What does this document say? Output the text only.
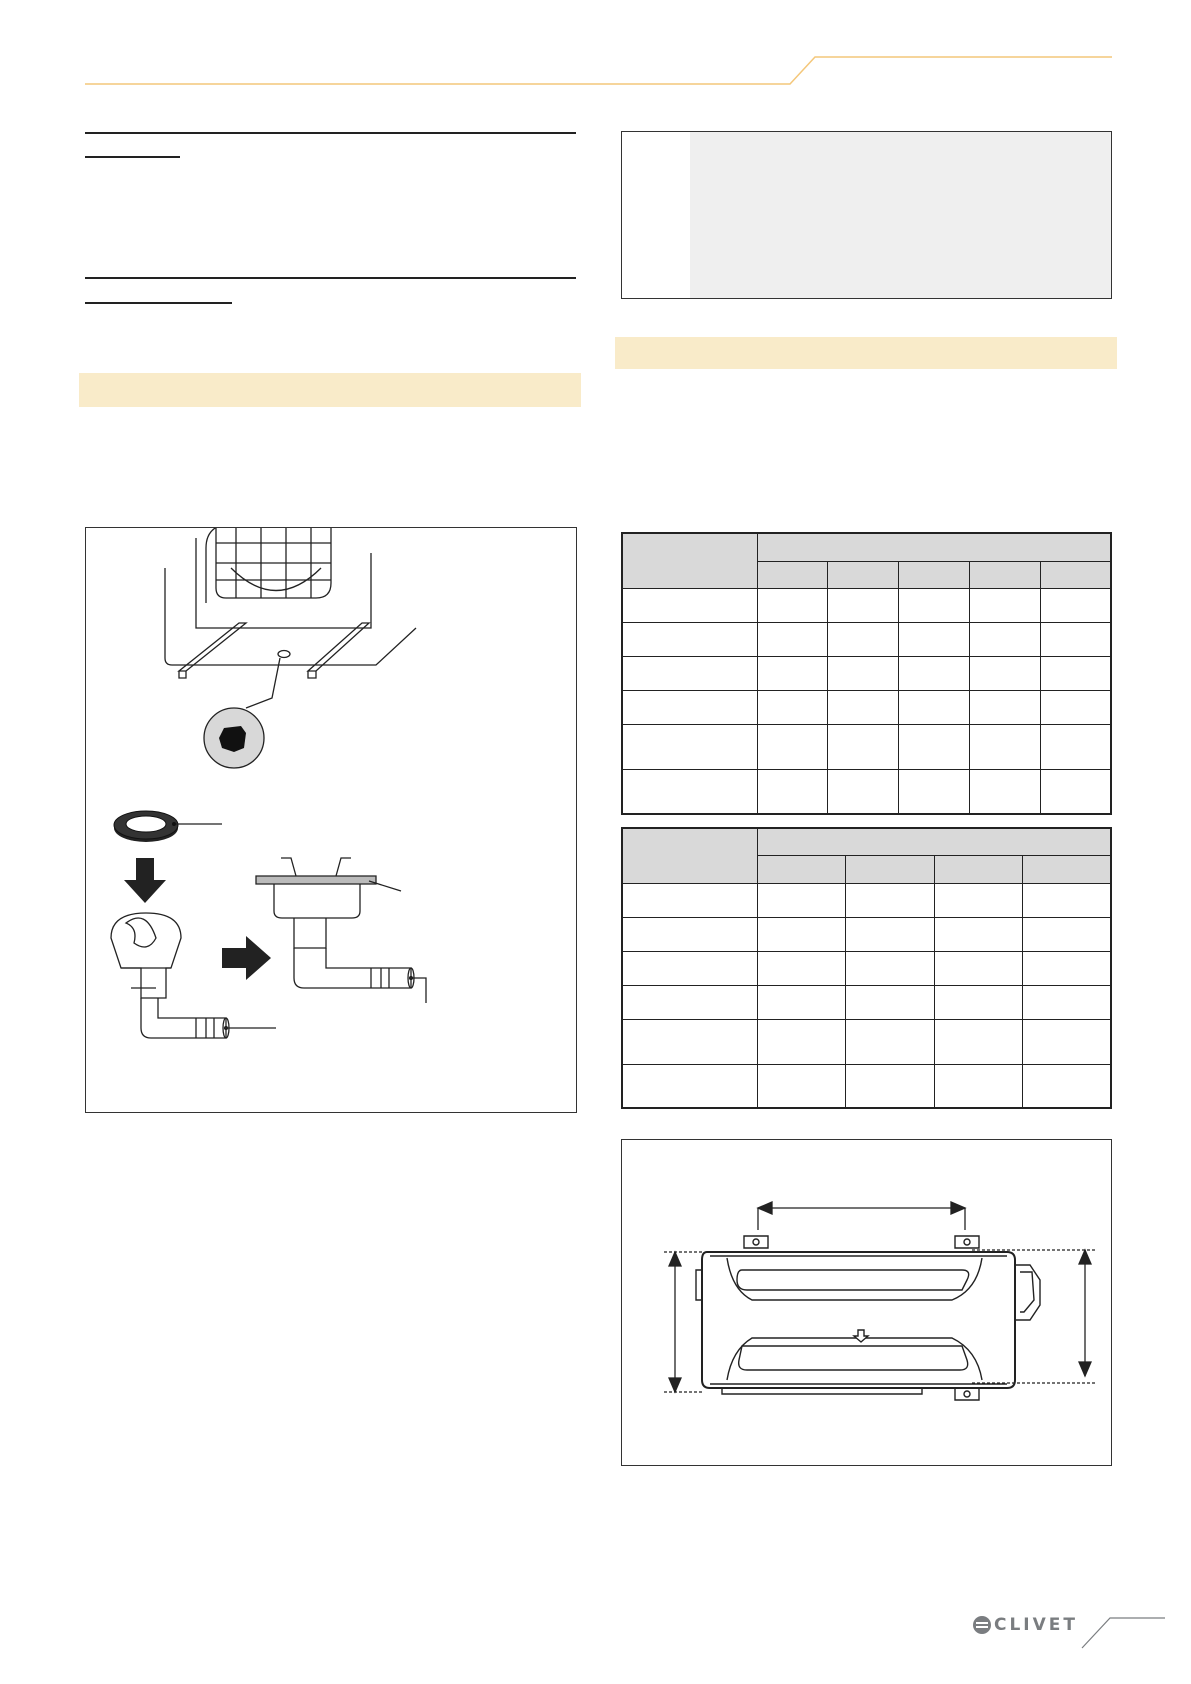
CLIVET
